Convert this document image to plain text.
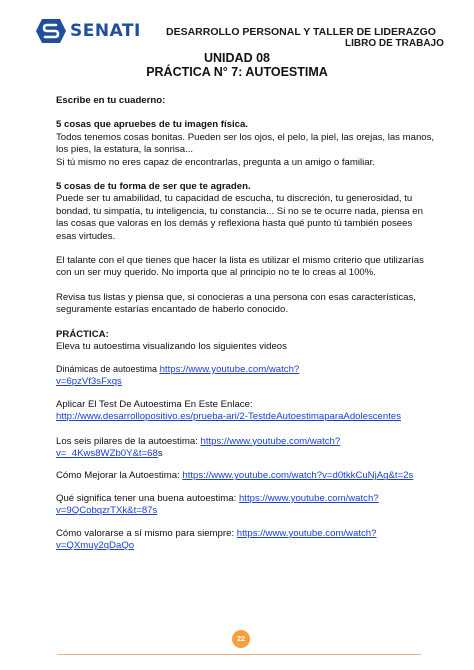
SENATI DESARROLLO PERSONAL Y TALLER DE LIDERAZGO
LIBRO DE TRABAJO
UNIDAD 08
PRÁCTICA N° 7: AUTOESTIMA

Escribe en tu cuaderno:

5 cosas que apruebes de tu imagen física.

Todos tenemos cosas bonitas. Pueden ser los ojos, el pelo, la piel, las orejas, las manos,

los pies, la estatura, la sonrisa...

Si tú mismo no eres capaz de encontrarlas, pregunta a un amigo o familiar.

5 cosas de tu forma de ser que te agraden.

Puede ser tu amabilidad, tu capacidad de escucha, tu discreción, tu generosidad, tu

bondad, tu simpatía, tu inteligencia, tu constancia... Si no se te ocurre nada, piensa en

las cosas que valoras en los demás y reflexiona hasta qué punto tú también posees

esas virtudes.

El talante con el que tienes que hacer la lista es utilizar el mismo criterio que utilizarías

con un ser muy querido. No importa que al principio no te lo creas al 100%.

Revisa tus listas y piensa que, si conocieras a una persona con esas características,

seguramente estarías encantado de haberlo conocido.

PRÁCTICA:

Eleva tu autoestima visualizando los siguientes videos

Dinámicas de autoestima https://www.youtube.com/watch?

v=6pzVf3sFxqs

Aplicar El Test De Autoestima En Este Enlace:

http://www.desarrollopositivo.es/prueba-ari/2-TestdeAutoestimaparaAdolescentes

Los seis pilares de la autoestima: https://www.youtube.com/watch?

v=_4Kws8WZb0Y&t=68s

Cómo Mejorar la Autoestima: https://www.youtube.com/watch?v=d0tkkCuNjAg&t=2s

Qué significa tener una buena autoestima: https://www.youtube.com/watch?

v=9QCobqzrTXk&t=87s

Cómo valorarse a sí mismo para siempre: https://www.youtube.com/watch?

v=QXmuy2qDaQo

22
